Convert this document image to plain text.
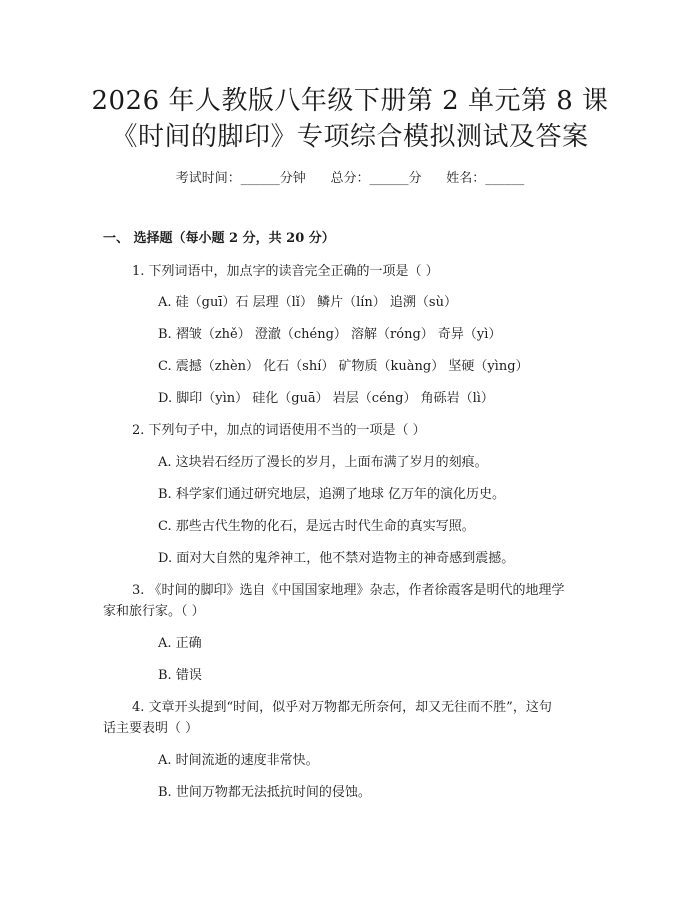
2026 年人教版八年级下册第 2 单元第 8 课
《时间的脚印》专项综合模拟测试及答案
考试时间：______分钟      总分：______分      姓名：______
一、 选择题（每小题 2 分，共 20 分）
1. 下列词语中，加点字的读音完全正确的一项是（ ）
A. 硅（guī）石 层理（lǐ） 鳞片（lín） 追溯（sù）
B. 褶皱（zhě） 澄澈（chéng） 溶解（róng） 奇异（yì）
C. 震撼（zhèn） 化石（shí） 矿物质（kuàng） 坚硬（yìng）
D. 脚印（yìn） 硅化（guā） 岩层（céng） 角砾岩（lì）
2. 下列句子中，加点的词语使用不当的一项是（ ）
A. 这块岩石经历了漫长的岁月，上面布满了岁月的刻痕。
B. 科学家们通过研究地层，追溯了地球 亿万年的演化历史。
C. 那些古代生物的化石，是远古时代生命的真实写照。
D. 面对大自然的鬼斧神工，他不禁对造物主的神奇感到震撼。
3. 《时间的脚印》选自《中国国家地理》杂志，作者徐霞客是明代的地理学
家和旅行家。（ ）
A. 正确
B. 错误
4. 文章开头提到“时间，似乎对万物都无所奈何，却又无往而不胜”，这句
话主要表明（ ）
A. 时间流逝的速度非常快。
B. 世间万物都无法抵抗时间的侵蚀。
